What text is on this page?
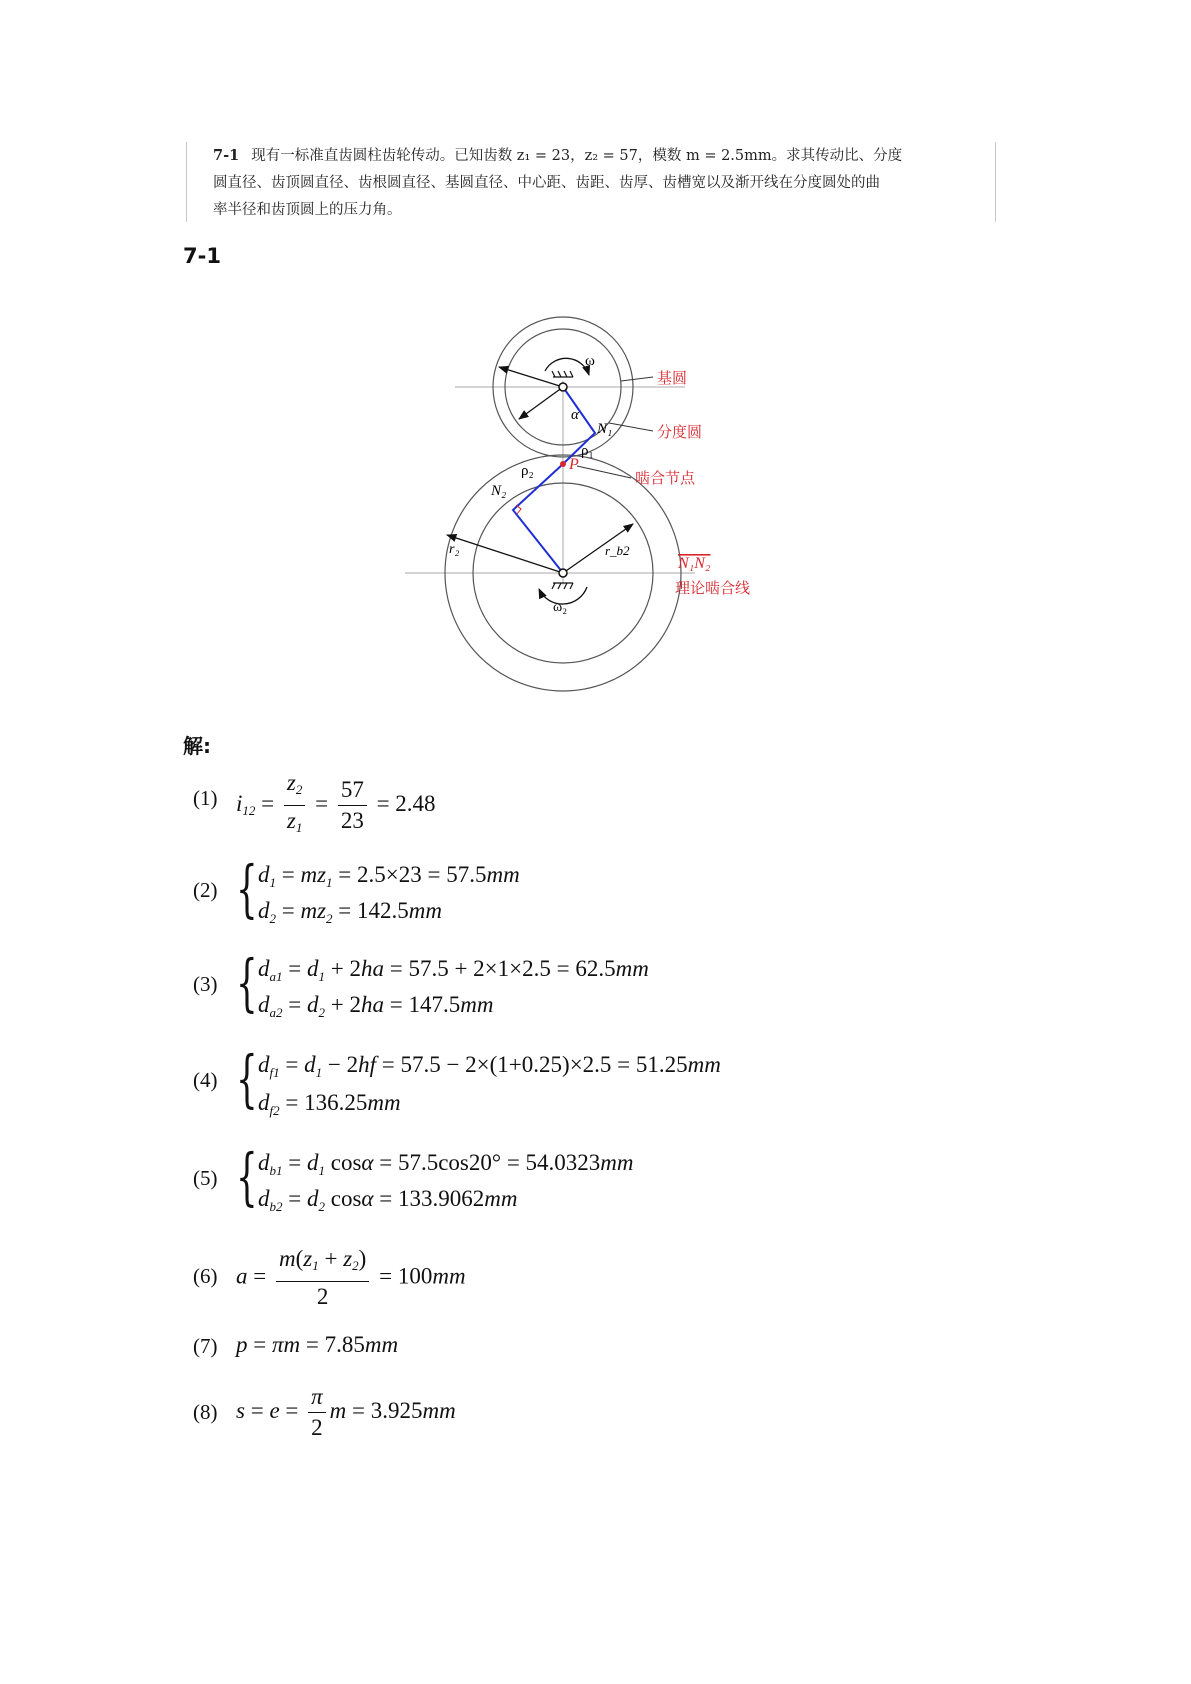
7-1 现有一标准直齿圆柱齿轮传动。已知齿数 z₁ = 23，z₂ = 57，模数 m = 2.5mm。求其传动比、分度
圆直径、齿顶圆直径、齿根圆直径、基圆直径、中心距、齿距、齿厚、齿槽宽以及渐开线在分度圆处的曲
率半径和齿顶圆上的压力角。
7-1
基圆
分度圆
啮合节点
N₁N₂
理论啮合线
ω
α
N₁
ρ₁
P
ρ₂
N₂
r₂	r_b2
ω₂
解:
(1) $i_{12} = \frac{z_2}{z_1} = \frac{57}{23} = 2.48$
(2) { $d_1 = mz_1 = 2.5\times 23 = 57.5mm$
$d_2 = mz_2 = 142.5mm$
(3) { $d_{a1} = d_1 + 2ha = 57.5 + 2\times 1\times 2.5 = 62.5mm$
$d_{a2} = d_2 + 2ha = 147.5mm$
(4) { $d_{f1} = d_1 - 2hf = 57.5 - 2\times(1+0.25)\times 2.5 = 51.25mm$
$d_{f2} = 136.25mm$
(5) { $d_{b1} = d_1$ cosα = 57.5cos20° = 54.0323mm
$d_{b2} = d_2$ cosα = 133.9062mm
(6) $a = \frac{m(z_1 + z_2)}{2} = 100mm$
(7) p = πm = 7.85mm
(8) $s = e = \frac{\pi}{2}$ m = 3.925mm
